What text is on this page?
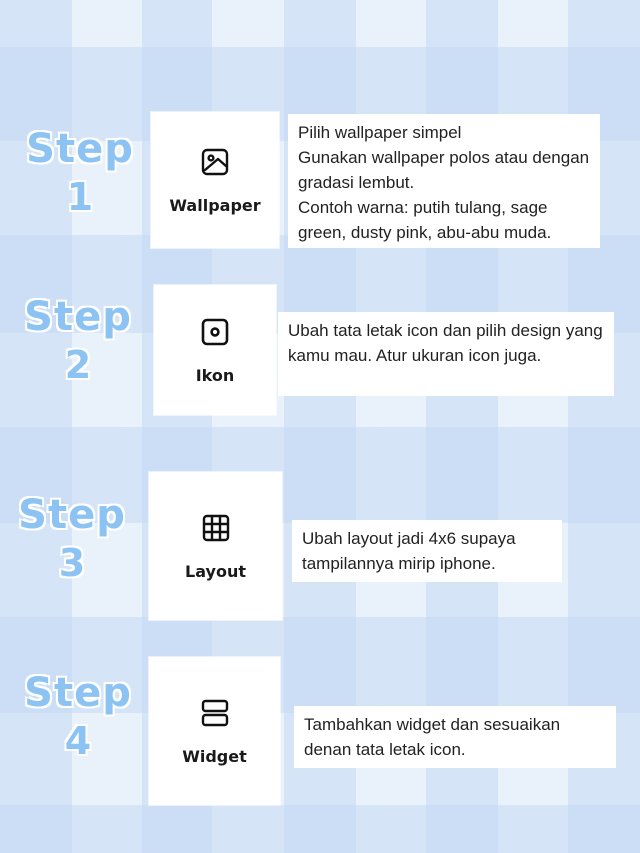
Step
1	Wallpaper

Pilih wallpaper simpel
Gunakan wallpaper polos atau dengan gradasi lembut.
Contoh warna: putih tulang, sage green, dusty pink, abu-abu muda.

Step
2	Ikon

Ubah tata letak icon dan pilih design yang kamu mau. Atur ukuran icon juga.

Step
3	Layout

Ubah layout jadi 4x6 supaya tampilannya mirip iphone.

Step
4	Widget

Tambahkan widget dan sesuaikan denan tata letak icon.
